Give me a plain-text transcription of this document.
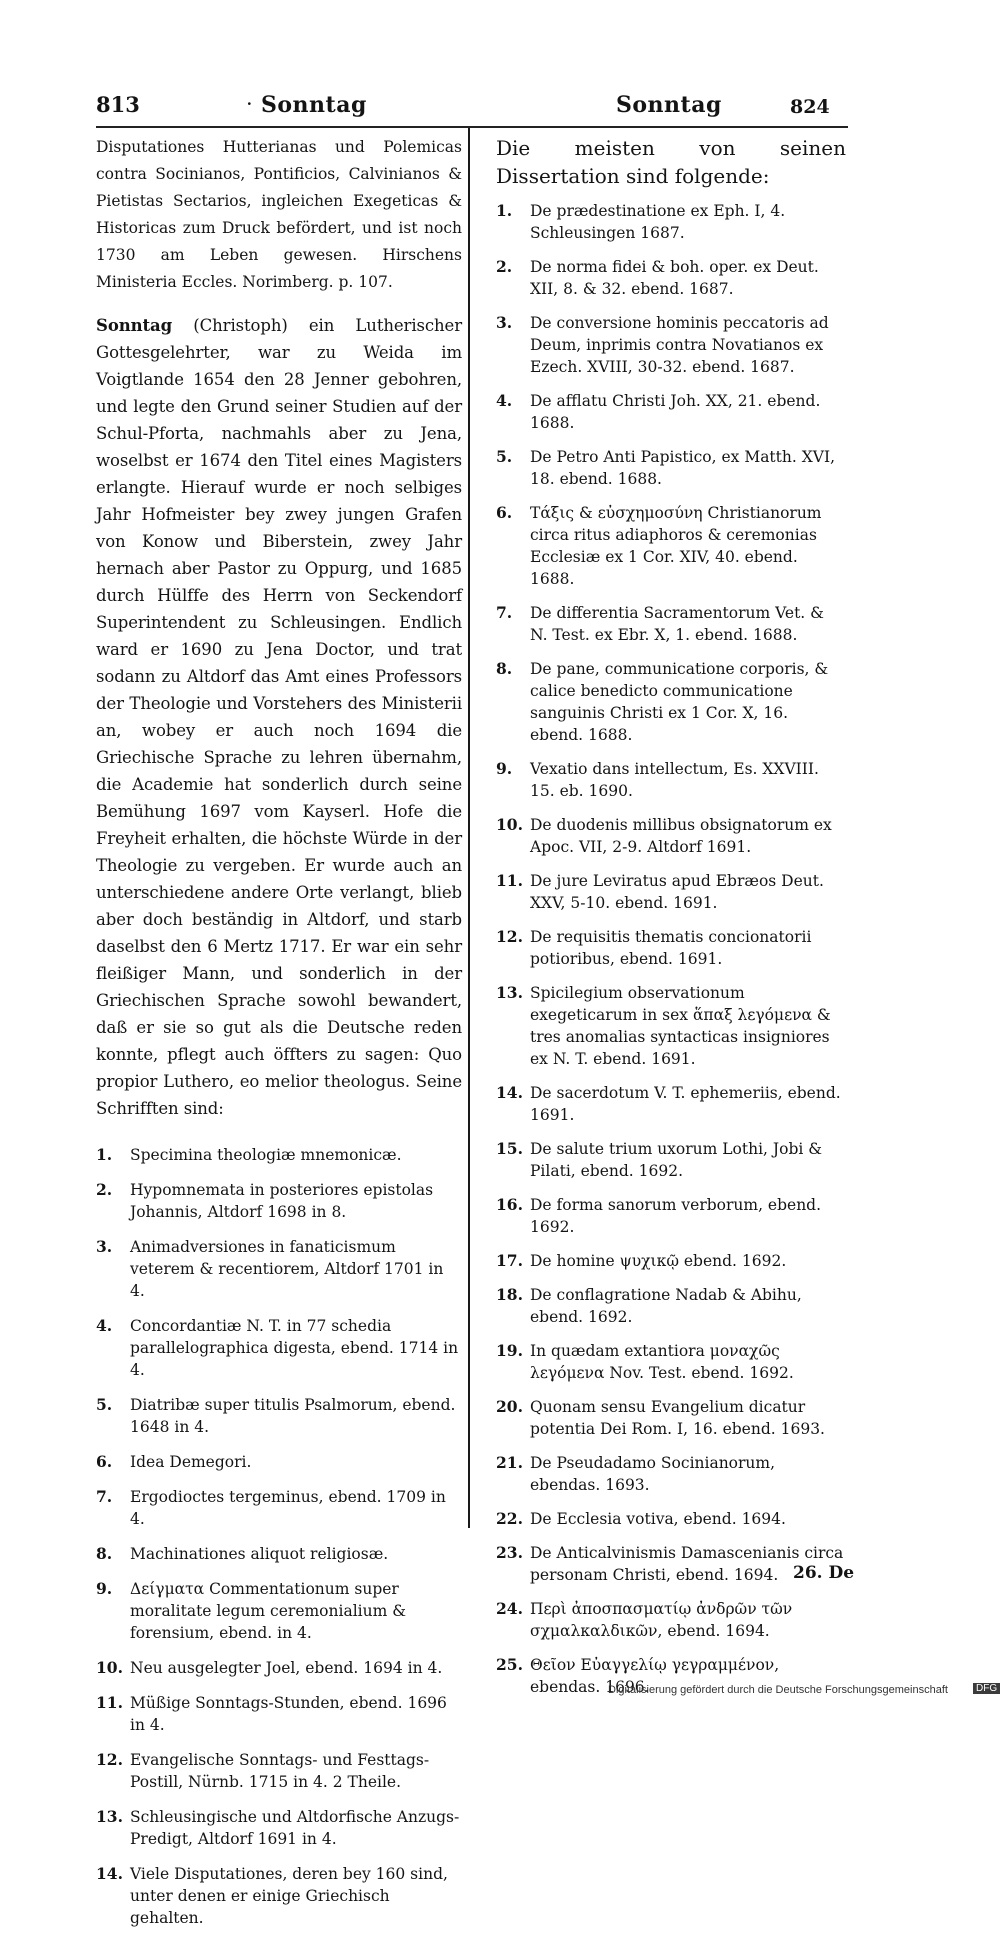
813	· Sonntag	Sonntag	824

Disputationes Hutterianas und Polemicas contra Socinianos, Pontificios, Calvinianos & Pietistas Sectarios, ingleichen Exegeticas & Historicas zum Druck befördert, und ist noch 1730 am Leben gewesen. Hirschens Ministeria Eccles. Norimberg. p. 107.

Sonntag (Christoph) ein Lutherischer Gottesgelehrter, war zu Weida im Voigtlande 1654 den 28 Jenner gebohren, und legte den Grund seiner Studien auf der Schul-Pforta, nachmahls aber zu Jena, woselbst er 1674 den Titel eines Magisters erlangte. Hierauf wurde er noch selbiges Jahr Hofmeister bey zwey jungen Grafen von Konow und Biberstein, zwey Jahr hernach aber Pastor zu Oppurg, und 1685 durch Hülffe des Herrn von Seckendorf Superintendent zu Schleusingen. Endlich ward er 1690 zu Jena Doctor, und trat sodann zu Altdorf das Amt eines Professors der Theologie und Vorstehers des Ministerii an, wobey er auch noch 1694 die Griechische Sprache zu lehren übernahm, die Academie hat sonderlich durch seine Bemühung 1697 vom Kayserl. Hofe die Freyheit erhalten, die höchste Würde in der Theologie zu vergeben. Er wurde auch an unterschiedene andere Orte verlangt, blieb aber doch beständig in Altdorf, und starb daselbst den 6 Mertz 1717. Er war ein sehr fleißiger Mann, und sonderlich in der Griechischen Sprache sowohl bewandert, daß er sie so gut als die Deutsche reden konnte, pflegt auch öffters zu sagen: Quo propior Luthero, eo melior theologus. Seine Schrifften sind:

1.	Specimina theologiæ mnemonicæ.
2.	Hypomnemata in posteriores epistolas Johannis, Altdorf 1698 in 8.
3.	Animadversiones in fanaticismum veterem & recentiorem, Altdorf 1701 in 4.
4.	Concordantiæ N. T. in 77 schedia parallelographica digesta, ebend. 1714 in 4.
5.	Diatribæ super titulis Psalmorum, ebend. 1648 in 4.
6.	Idea Demegori.
7.	Ergodioctes tergeminus, ebend. 1709 in 4.
8.	Machinationes aliquot religiosæ.
9.	Δείγματα Commentationum super moralitate legum ceremonialium & forensium, ebend. in 4.
10. Neu ausgelegter Joel, ebend. 1694 in 4.
11. Müßige Sonntags-Stunden, ebend. 1696 in 4.
12. Evangelische Sonntags- und Festtags-Postill, Nürnb. 1715 in 4. 2 Theile.
13. Schleusingische und Altdorfische Anzugs-Predigt, Altdorf 1691 in 4.
14. Viele Disputationes, deren bey 160 sind, unter denen er einige Griechisch gehalten.

Die meisten von seinen Dissertation sind folgende:

1.	De prædestinatione ex Eph. I, 4. Schleusingen 1687.
2.	De norma fidei & boh. oper. ex Deut. XII, 8. & 32. ebend. 1687.
3.	De conversione hominis peccatoris ad Deum, inprimis contra Novatianos ex Ezech. XVIII, 30-32. ebend. 1687.
4.	De afflatu Christi Joh. XX, 21. ebend. 1688.
5.	De Petro Anti Papistico, ex Matth. XVI, 18. ebend. 1688.
6.	Τάξις & εὐσχημοσύνη Christianorum circa ritus adiaphoros & ceremonias Ecclesiæ ex 1 Cor. XIV, 40. ebend. 1688.
7.	De differentia Sacramentorum Vet. & N. Test. ex Ebr. X, 1. ebend. 1688.
8.	De pane, communicatione corporis, & calice benedicto communicatione sanguinis Christi ex 1 Cor. X, 16. ebend. 1688.
9.	Vexatio dans intellectum, Es. XXVIII. 15. eb. 1690.
10. De duodenis millibus obsignatorum ex Apoc. VII, 2-9. Altdorf 1691.
11. De jure Leviratus apud Ebræos Deut. XXV, 5-10. ebend. 1691.
12. De requisitis thematis concionatorii potioribus, ebend. 1691.
13. Spicilegium observationum exegeticarum in sex ἅπαξ λεγόμενα & tres anomalias syntacticas insigniores ex N. T. ebend. 1691.
14. De sacerdotum V. T. ephemeriis, ebend. 1691.
15. De salute trium uxorum Lothi, Jobi & Pilati, ebend. 1692.
16. De forma sanorum verborum, ebend. 1692.
17. De homine ψυχικῷ ebend. 1692.
18. De conflagratione Nadab & Abihu, ebend. 1692.
19. In quædam extantiora μοναχῶς λεγόμενα Nov. Test. ebend. 1692.
20. Quonam sensu Evangelium dicatur potentia Dei Rom. I, 16. ebend. 1693.
21. De Pseudadamo Socinianorum, ebendas. 1693.
22. De Ecclesia votiva, ebend. 1694.
23. De Anticalvinismis Damascenianis circa personam Christi, ebend. 1694.
24. Περὶ ἀποσπασματίῳ ἀνδρῶν τῶν σχμαλκαλδικῶν, ebend. 1694.
25. Θεῖον Εὐαγγελίῳ γεγραμμένον, ebendas. 1696.
26. De
Digitalisierung gefördert durch die Deutsche Forschungsgemeinschaft	DFG
